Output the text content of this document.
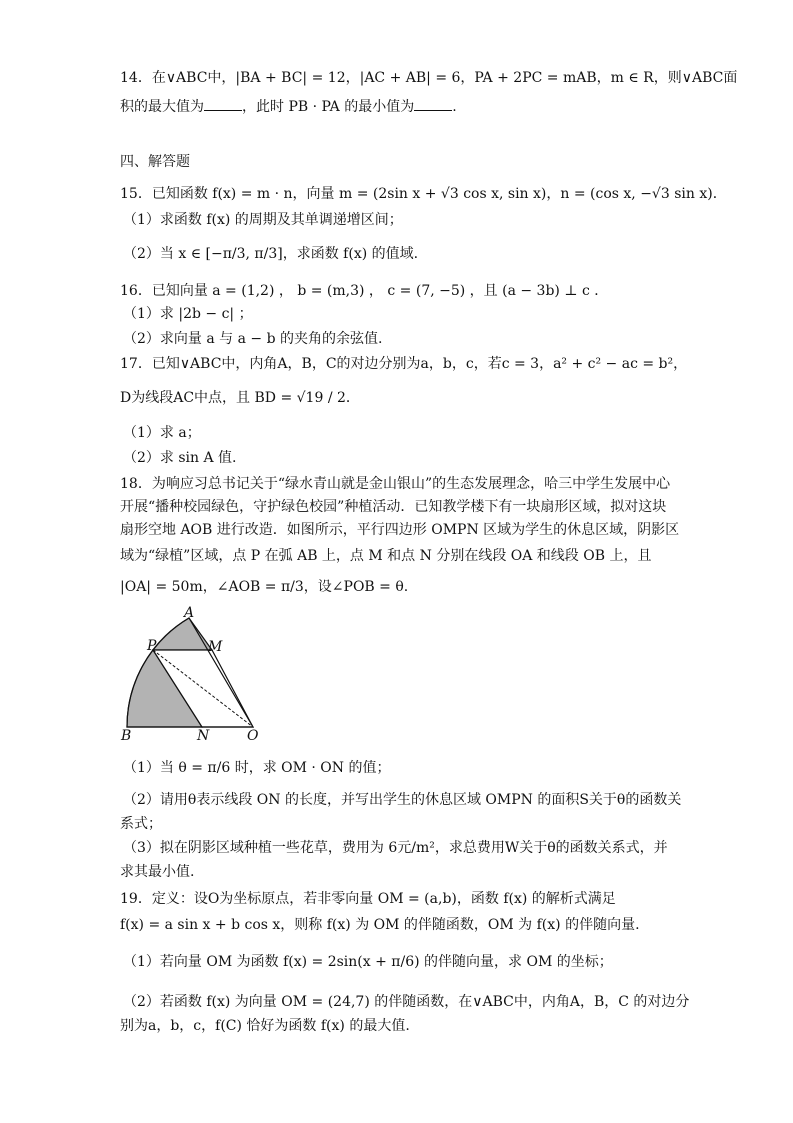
14．在∨ABC中，|BA + BC| = 12，|AC + AB| = 6，PA + 2PC = mAB，m ∈ R，则∨ABC面
积的最大值为	，此时 PB · PA 的最小值为	.
四、解答题
15．已知函数 f(x) = m · n，向量 m = (2sin x + √3 cos x, sin x)，n = (cos x, −√3 sin x)．
（1）求函数 f(x) 的周期及其单调递增区间；
（2）当 x ∈ [−π/3, π/3]，求函数 f(x) 的值域.
16．已知向量 a = (1,2) ， b = (m,3) ， c = (7, −5) ，且 (a − 3b) ⊥ c ．
（1）求 |2b − c| ；
（2）求向量 a 与 a − b 的夹角的余弦值.
17．已知∨ABC中，内角A，B，C的对边分别为a，b，c，若c = 3，a² + c² − ac = b²，
D为线段AC中点，且 BD = √19 / 2．
（1）求 a；
（2）求 sin A 值.
18．为响应习总书记关于“绿水青山就是金山银山”的生态发展理念，哈三中学生发展中心
开展“播种校园绿色，守护绿色校园”种植活动．已知教学楼下有一块扇形区域，拟对这块
扇形空地 AOB 进行改造．如图所示，平行四边形 OMPN 区域为学生的休息区域，阴影区
域为“绿植”区域，点 P 在弧 AB 上，点 M 和点 N 分别在线段 OA 和线段 OB 上，且
|OA| = 50m，∠AOB = π/3，设∠POB = θ.
A
M
P
B	N	O
（1）当 θ = π/6 时，求 OM · ON 的值；
（2）请用θ表示线段 ON 的长度，并写出学生的休息区域 OMPN 的面积S关于θ的函数关
系式；
（3）拟在阴影区域种植一些花草，费用为 6元/m²，求总费用W关于θ的函数关系式，并
求其最小值.
19．定义：设O为坐标原点，若非零向量 OM = (a,b)，函数 f(x) 的解析式满足
f(x) = a sin x + b cos x，则称 f(x) 为 OM 的伴随函数，OM 为 f(x) 的伴随向量.
（1）若向量 OM 为函数 f(x) = 2sin(x + π/6) 的伴随向量，求 OM 的坐标；
（2）若函数 f(x) 为向量 OM = (24,7) 的伴随函数，在∨ABC中，内角A，B，C 的对边分
别为a，b，c，f(C) 恰好为函数 f(x) 的最大值.
